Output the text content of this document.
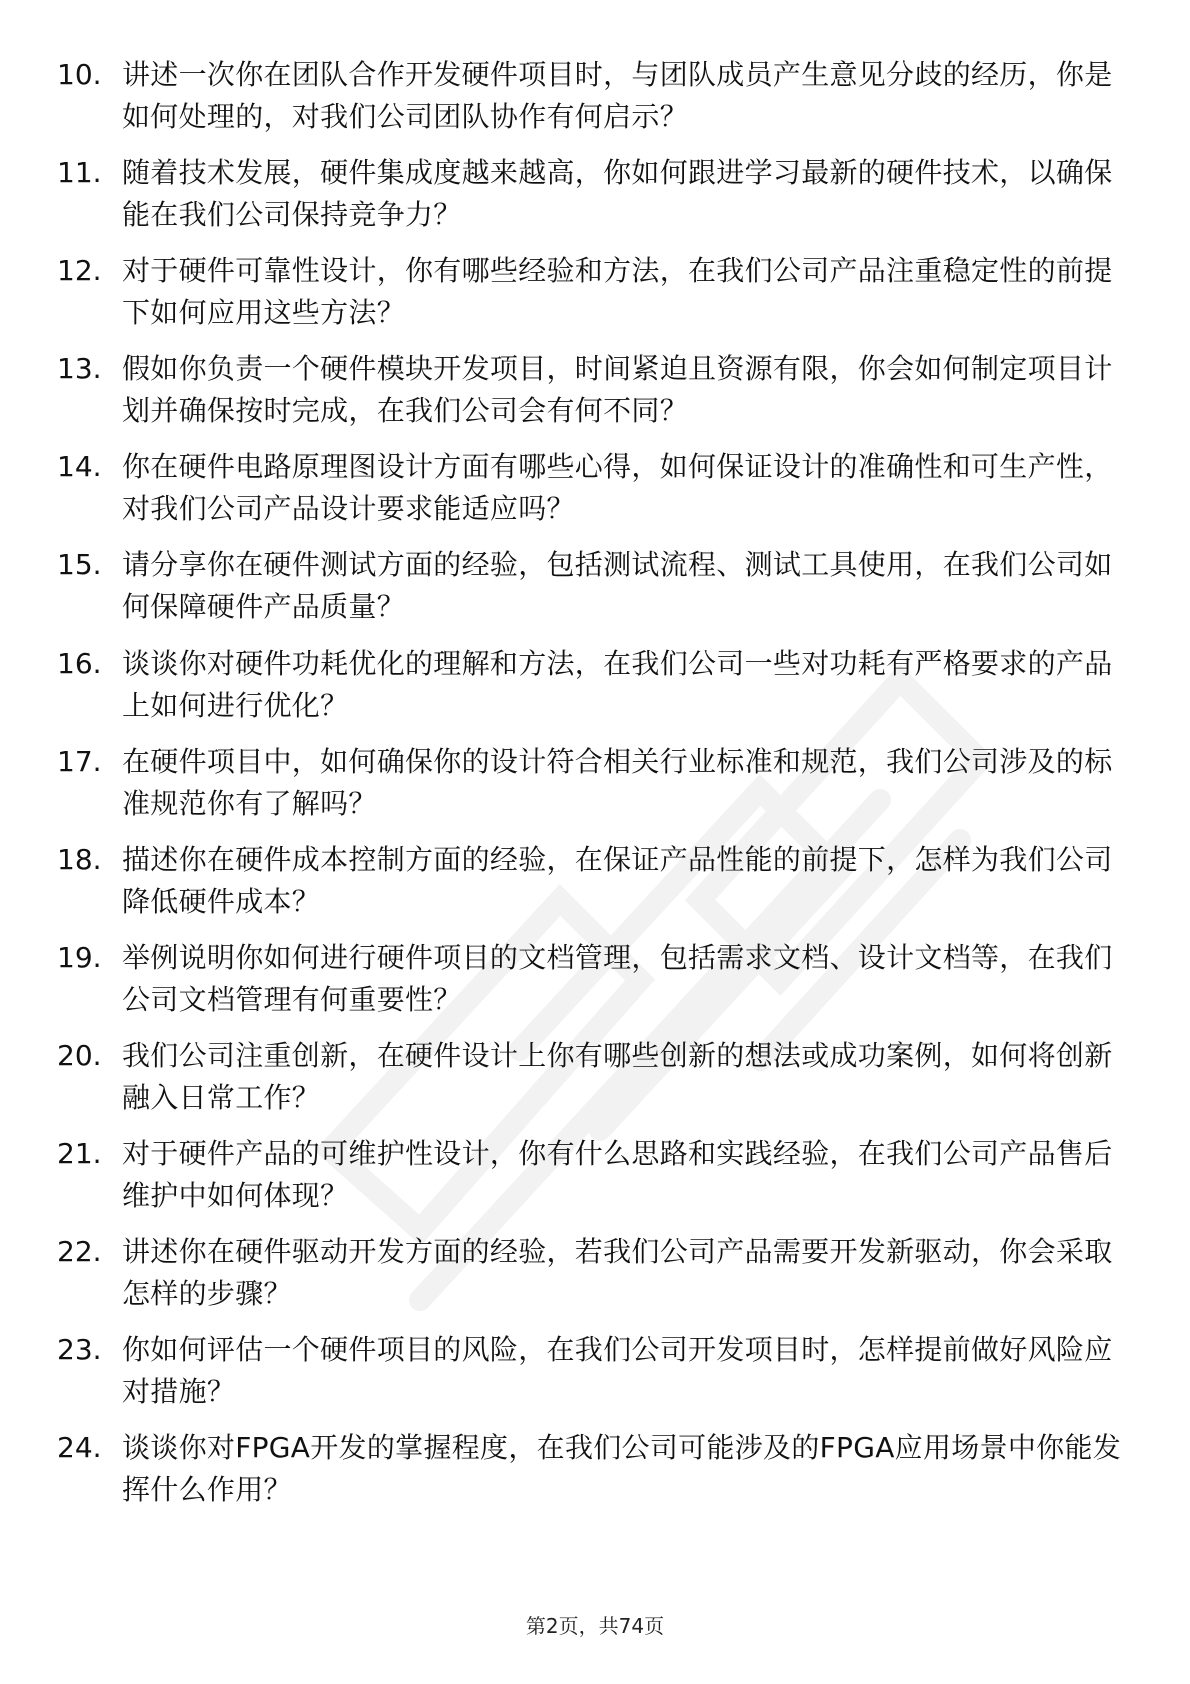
10. 讲述一次你在团队合作开发硬件项目时，与团队成员产生意见分歧的经历，你是如何处理的，对我们公司团队协作有何启示？
11. 随着技术发展，硬件集成度越来越高，你如何跟进学习最新的硬件技术，以确保能在我们公司保持竞争力？
12. 对于硬件可靠性设计，你有哪些经验和方法，在我们公司产品注重稳定性的前提下如何应用这些方法？
13. 假如你负责一个硬件模块开发项目，时间紧迫且资源有限，你会如何制定项目计划并确保按时完成，在我们公司会有何不同？
14. 你在硬件电路原理图设计方面有哪些心得，如何保证设计的准确性和可生产性，对我们公司产品设计要求能适应吗？
15. 请分享你在硬件测试方面的经验，包括测试流程、测试工具使用，在我们公司如何保障硬件产品质量？
16. 谈谈你对硬件功耗优化的理解和方法，在我们公司一些对功耗有严格要求的产品上如何进行优化？
17. 在硬件项目中，如何确保你的设计符合相关行业标准和规范，我们公司涉及的标准规范你有了解吗？
18. 描述你在硬件成本控制方面的经验，在保证产品性能的前提下，怎样为我们公司降低硬件成本？
19. 举例说明你如何进行硬件项目的文档管理，包括需求文档、设计文档等，在我们公司文档管理有何重要性？
20. 我们公司注重创新，在硬件设计上你有哪些创新的想法或成功案例，如何将创新融入日常工作？
21. 对于硬件产品的可维护性设计，你有什么思路和实践经验，在我们公司产品售后维护中如何体现？
22. 讲述你在硬件驱动开发方面的经验，若我们公司产品需要开发新驱动，你会采取怎样的步骤？
23. 你如何评估一个硬件项目的风险，在我们公司开发项目时，怎样提前做好风险应对措施？
24. 谈谈你对FPGA开发的掌握程度，在我们公司可能涉及的FPGA应用场景中你能发挥什么作用？
第2页，共74页
